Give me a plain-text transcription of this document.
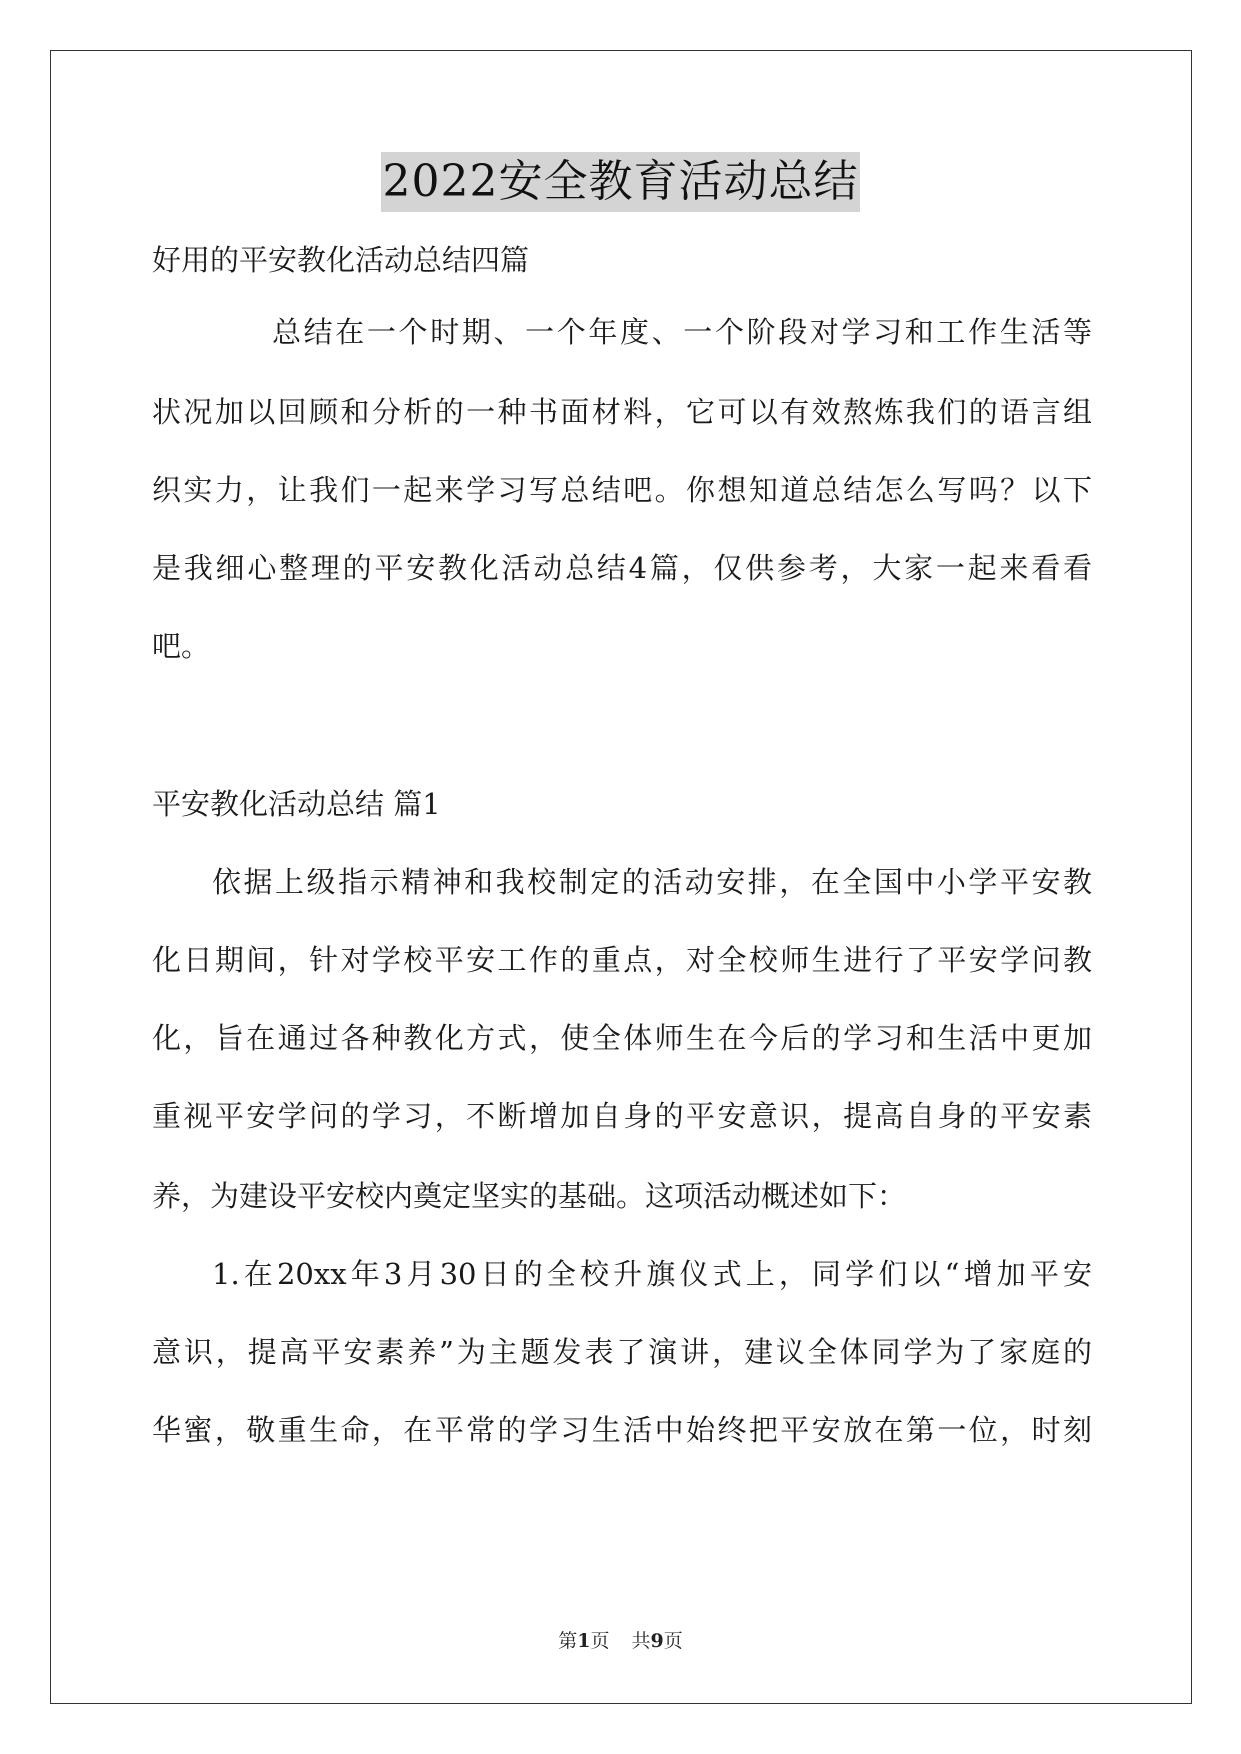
2022安全教育活动总结
好用的平安教化活动总结四篇
总结在一个时期、一个年度、一个阶段对学习和工作生活等
状况加以回顾和分析的一种书面材料，它可以有效熬炼我们的语言组
织实力，让我们一起来学习写总结吧。你想知道总结怎么写吗？以下
是我细心整理的平安教化活动总结4篇，仅供参考，大家一起来看看
吧。
平安教化活动总结 篇1
依据上级指示精神和我校制定的活动安排，在全国中小学平安教
化日期间，针对学校平安工作的重点，对全校师生进行了平安学问教
化，旨在通过各种教化方式，使全体师生在今后的学习和生活中更加
重视平安学问的学习，不断增加自身的平安意识，提高自身的平安素
养，为建设平安校内奠定坚实的基础。这项活动概述如下：
1.在20xx年3月30日的全校升旗仪式上，同学们以“增加平安
意识，提高平安素养”为主题发表了演讲，建议全体同学为了家庭的
华蜜，敬重生命，在平常的学习生活中始终把平安放在第一位，时刻
第1页 共9页
